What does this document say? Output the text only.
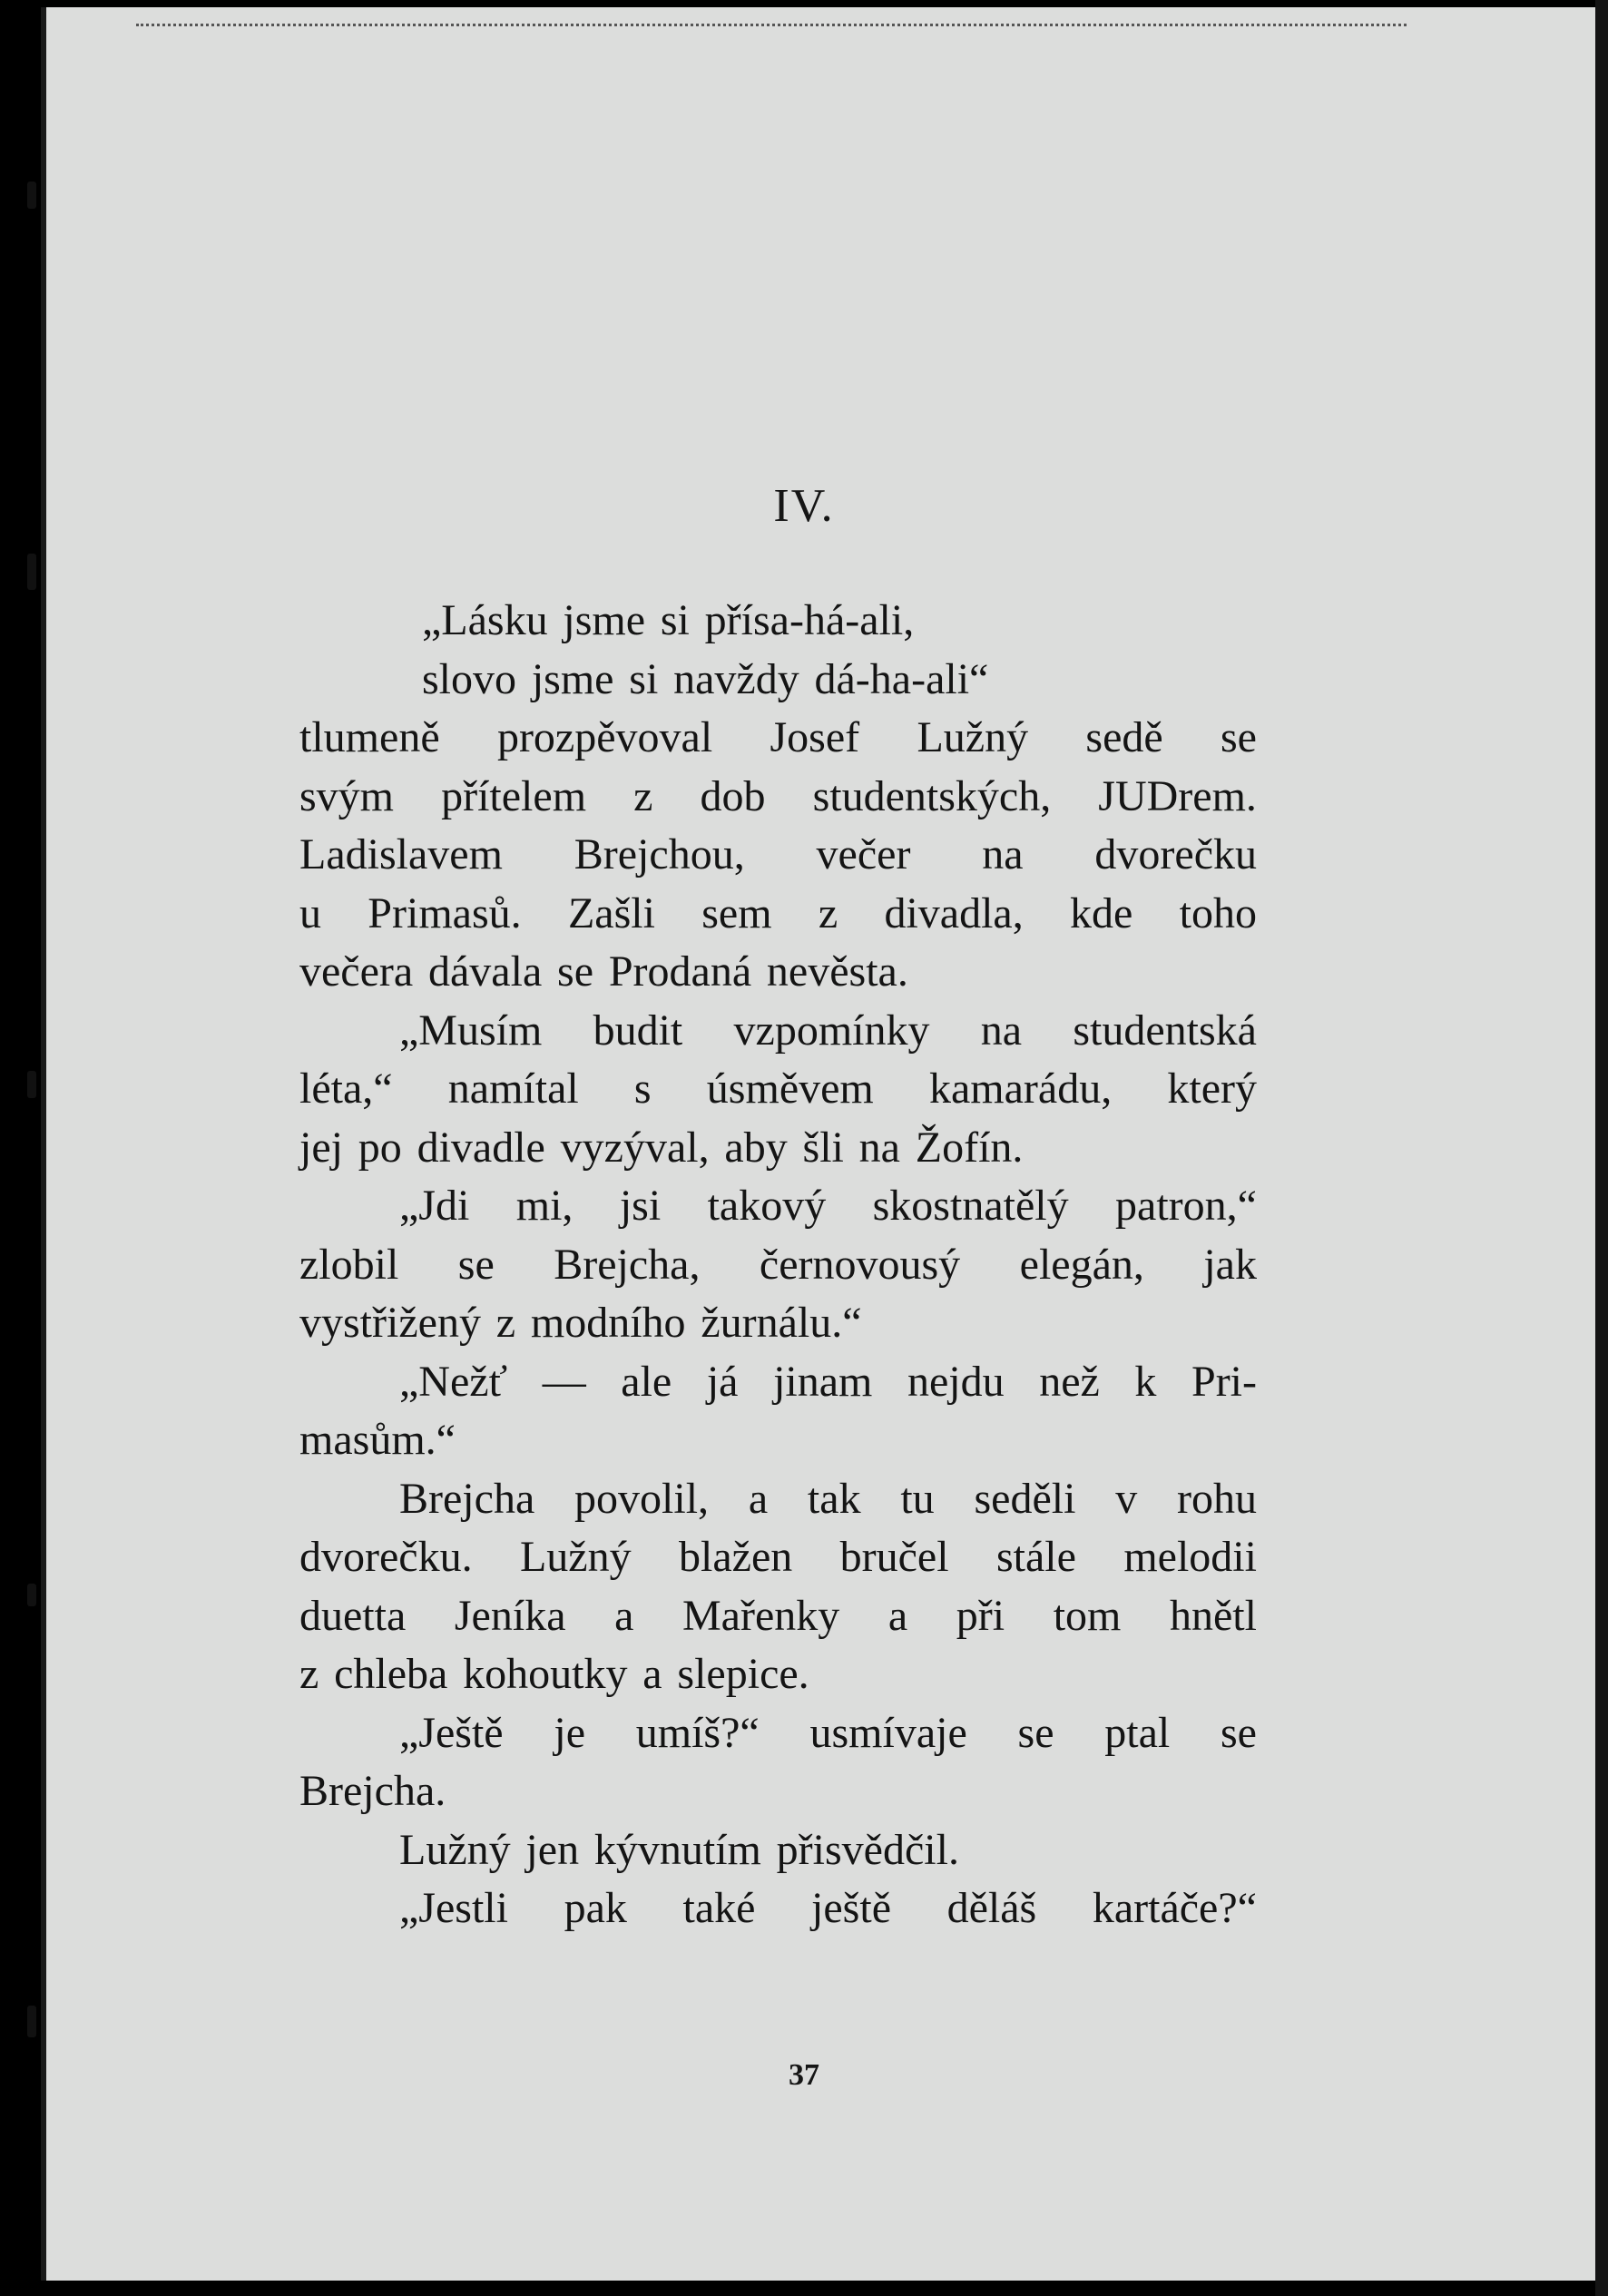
IV.
„Lásku jsme si přísa-há-ali,
slovo jsme si navždy dá-ha-ali“
tlumeně prozpěvoval Josef Lužný sedě se
svým přítelem z dob studentských, JUDrem.
Ladislavem Brejchou, večer na dvorečku
u Primasů. Zašli sem z divadla, kde toho
večera dávala se Prodaná nevěsta.
„Musím budit vzpomínky na studentská
léta,“ namítal s úsměvem kamarádu, který
jej po divadle vyzýval, aby šli na Žofín.
„Jdi mi, jsi takový skostnatělý patron,“
zlobil se Brejcha, černovousý elegán, jak
vystřižený z modního žurnálu.“
„Nežť — ale já jinam nejdu než k Pri-
masům.“
Brejcha povolil, a tak tu seděli v rohu
dvorečku. Lužný blažen bručel stále melodii
duetta Jeníka a Mařenky a při tom hnětl
z chleba kohoutky a slepice.
„Ještě je umíš?“ usmívaje se ptal se
Brejcha.
Lužný jen kývnutím přisvědčil.
„Jestli pak také ještě děláš kartáče?“
37
